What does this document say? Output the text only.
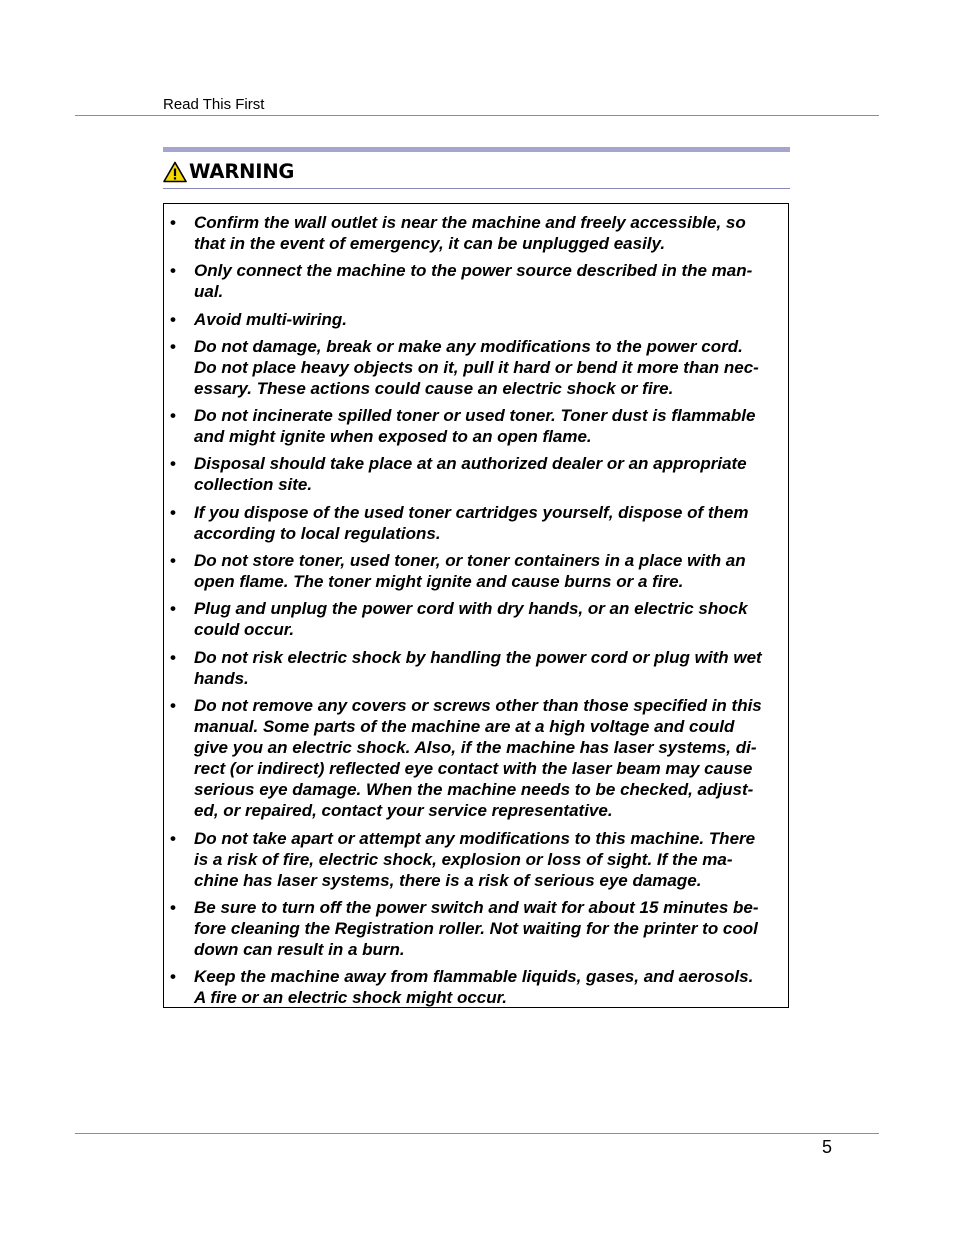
Read This First
WARNING
• Confirm the wall outlet is near the machine and freely accessible, so
that in the event of emergency, it can be unplugged easily.
• Only connect the machine to the power source described in the man-
ual.
• Avoid multi-wiring.
• Do not damage, break or make any modifications to the power cord.
Do not place heavy objects on it, pull it hard or bend it more than nec-
essary. These actions could cause an electric shock or fire.
• Do not incinerate spilled toner or used toner. Toner dust is flammable
and might ignite when exposed to an open flame.
• Disposal should take place at an authorized dealer or an appropriate
collection site.
• If you dispose of the used toner cartridges yourself, dispose of them
according to local regulations.
• Do not store toner, used toner, or toner containers in a place with an
open flame. The toner might ignite and cause burns or a fire.
• Plug and unplug the power cord with dry hands, or an electric shock
could occur.
• Do not risk electric shock by handling the power cord or plug with wet
hands.
• Do not remove any covers or screws other than those specified in this
manual. Some parts of the machine are at a high voltage and could
give you an electric shock. Also, if the machine has laser systems, di-
rect (or indirect) reflected eye contact with the laser beam may cause
serious eye damage. When the machine needs to be checked, adjust-
ed, or repaired, contact your service representative.
• Do not take apart or attempt any modifications to this machine. There
is a risk of fire, electric shock, explosion or loss of sight. If the ma-
chine has laser systems, there is a risk of serious eye damage.
• Be sure to turn off the power switch and wait for about 15 minutes be-
fore cleaning the Registration roller. Not waiting for the printer to cool
down can result in a burn.
• Keep the machine away from flammable liquids, gases, and aerosols.
A fire or an electric shock might occur.
5
